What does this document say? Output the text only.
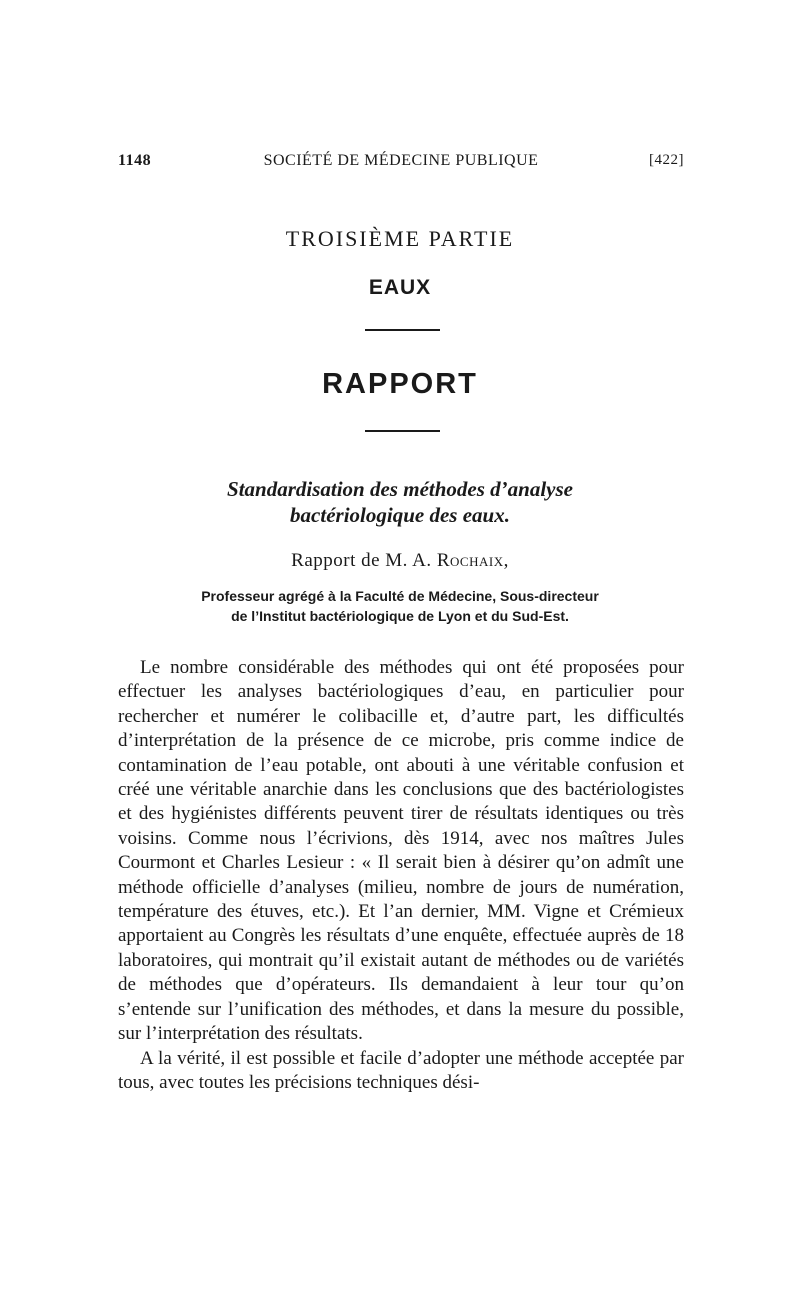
1148	SOCIÉTÉ DE MÉDECINE PUBLIQUE	[422]
TROISIÈME PARTIE
EAUX
RAPPORT
Standardisation des méthodes d’analyse
bactériologique des eaux.
Rapport de M. A. Rochaix,
Professeur agrégé à la Faculté de Médecine, Sous-directeur
de l’Institut bactériologique de Lyon et du Sud-Est.

Le nombre considérable des méthodes qui ont été proposées pour effectuer les analyses bactériologiques d’eau, en particulier pour rechercher et numérer le colibacille et, d’autre part, les difficultés d’interprétation de la présence de ce microbe, pris comme indice de contamination de l’eau potable, ont abouti à une véritable confusion et créé une véritable anarchie dans les conclusions que des bactériologistes et des hygiénistes différents peuvent tirer de résultats identiques ou très voisins. Comme nous l’écrivions, dès 1914, avec nos maîtres Jules Courmont et Charles Lesieur : « Il serait bien à désirer qu’on admît une méthode officielle d’analyses (milieu, nombre de jours de numération, température des étuves, etc.). Et l’an dernier, MM. Vigne et Crémieux apportaient au Congrès les résultats d’une enquête, effectuée auprès de 18 laboratoires, qui montrait qu’il existait autant de méthodes ou de variétés de méthodes que d’opérateurs. Ils demandaient à leur tour qu’on s’entende sur l’unification des méthodes, et dans la mesure du possible, sur l’interprétation des résultats.

A la vérité, il est possible et facile d’adopter une méthode acceptée par tous, avec toutes les précisions techniques dési-
